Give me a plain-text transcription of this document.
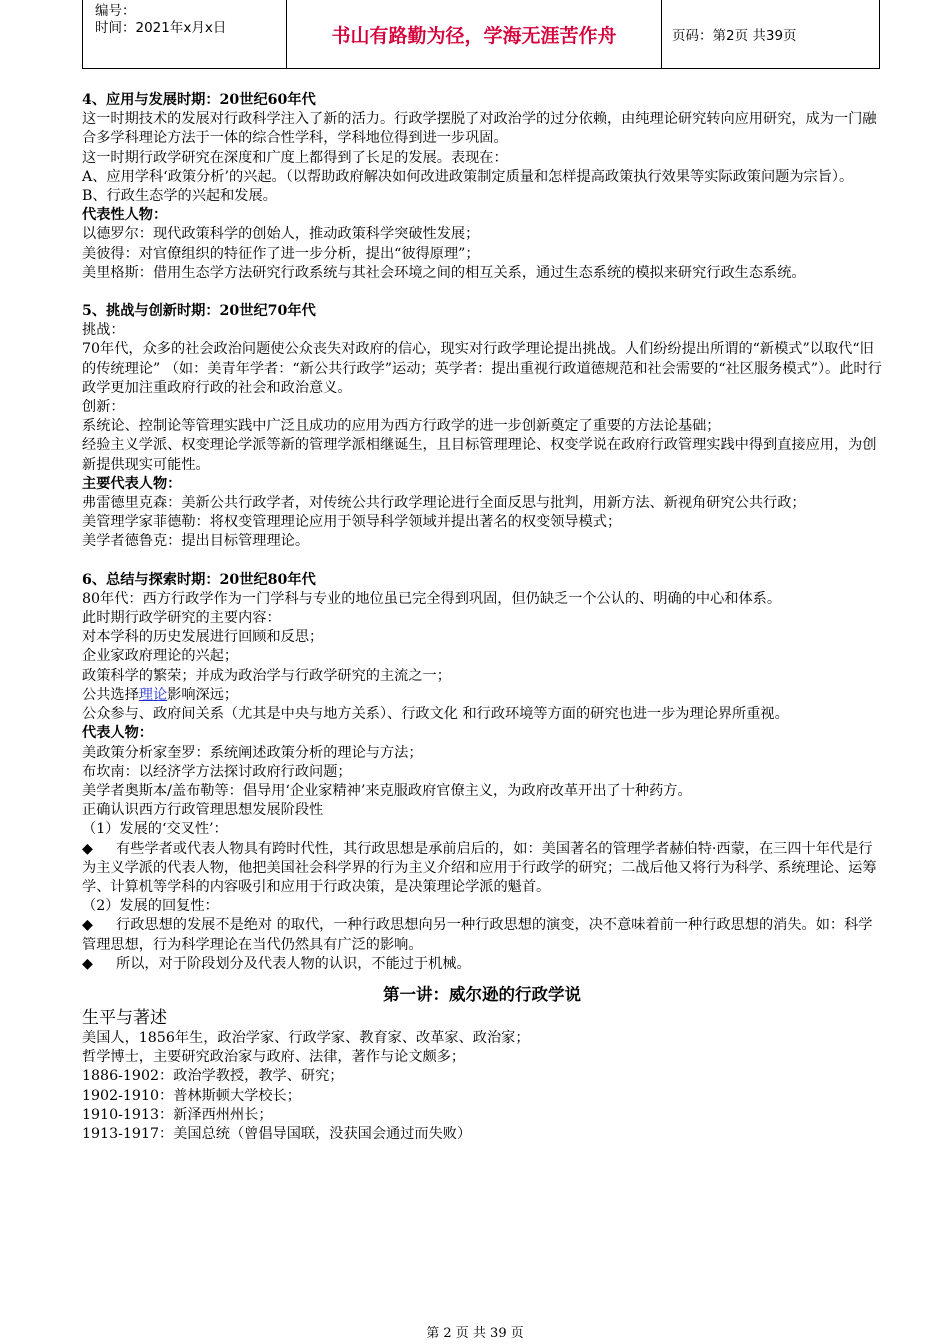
编号：
时间：2021年x月x日	书山有路勤为径，学海无涯苦作舟	页码：第2页 共39页

4、应用与发展时期：20世纪60年代

这一时期技术的发展对行政科学注入了新的活力。行政学摆脱了对政治学的过分依赖，由纯理论研究转向应用研究，成为一门融合多学科理论方法于一体的综合性学科，学科地位得到进一步巩固。

这一时期行政学研究在深度和广度上都得到了长足的发展。表现在：

A、应用学科‘政策分析’的兴起。（以帮助政府解决如何改进政策制定质量和怎样提高政策执行效果等实际政策问题为宗旨）。

B、行政生态学的兴起和发展。

代表性人物：

以德罗尔：现代政策科学的创始人，推动政策科学突破性发展；

美彼得：对官僚组织的特征作了进一步分析，提出“彼得原理”；

美里格斯：借用生态学方法研究行政系统与其社会环境之间的相互关系，通过生态系统的模拟来研究行政生态系统。

5、挑战与创新时期：20世纪70年代

挑战：

70年代，众多的社会政治问题使公众丧失对政府的信心，现实对行政学理论提出挑战。人们纷纷提出所谓的“新模式”以取代“旧的传统理论” （如：美青年学者：“新公共行政学”运动；英学者：提出重视行政道德规范和社会需要的“社区服务模式”）。此时行政学更加注重政府行政的社会和政治意义。

创新：

系统论、控制论等管理实践中广泛且成功的应用为西方行政学的进一步创新奠定了重要的方法论基础；

经验主义学派、权变理论学派等新的管理学派相继诞生，且目标管理理论、权变学说在政府行政管理实践中得到直接应用，为创新提供现实可能性。

主要代表人物：

弗雷德里克森：美新公共行政学者，对传统公共行政学理论进行全面反思与批判，用新方法、新视角研究公共行政；

美管理学家菲德勒：将权变管理理论应用于领导科学领域并提出著名的权变领导模式；

美学者德鲁克：提出目标管理理论。

6、总结与探索时期：20世纪80年代

80年代：西方行政学作为一门学科与专业的地位虽已完全得到巩固，但仍缺乏一个公认的、明确的中心和体系。

此时期行政学研究的主要内容：

对本学科的历史发展进行回顾和反思；

企业家政府理论的兴起；

政策科学的繁荣；并成为政治学与行政学研究的主流之一；

公共选择理论影响深远；

公众参与、政府间关系（尤其是中央与地方关系）、行政文化 和行政环境等方面的研究也进一步为理论界所重视。

代表人物：

美政策分析家奎罗：系统阐述政策分析的理论与方法；

布坎南：以经济学方法探讨政府行政问题；

美学者奥斯本/盖布勒等：倡导用‘企业家精神’来克服政府官僚主义，为政府改革开出了十种药方。

正确认识西方行政管理思想发展阶段性

（1）发展的‘交叉性’：

◆ 有些学者或代表人物具有跨时代性，其行政思想是承前启后的，如：美国著名的管理学者赫伯特·西蒙，在三四十年代是行为主义学派的代表人物，他把美国社会科学界的行为主义介绍和应用于行政学的研究；二战后他又将行为科学、系统理论、运筹学、计算机等学科的内容吸引和应用于行政决策，是决策理论学派的魁首。

（2）发展的回复性：

◆ 行政思想的发展不是绝对 的取代，一种行政思想向另一种行政思想的演变，决不意味着前一种行政思想的消失。如：科学管理思想，行为科学理论在当代仍然具有广泛的影响。

◆ 所以，对于阶段划分及代表人物的认识，不能过于机械。

第一讲：威尔逊的行政学说

生平与著述

美国人，1856年生，政治学家、行政学家、教育家、改革家、政治家；

哲学博士，主要研究政治家与政府、法律，著作与论文颇多；

1886-1902：政治学教授，教学、研究；

1902-1910：普林斯顿大学校长；

1910-1913：新泽西州州长；

1913-1917：美国总统（曾倡导国联，没获国会通过而失败）

第 2 页 共 39 页
